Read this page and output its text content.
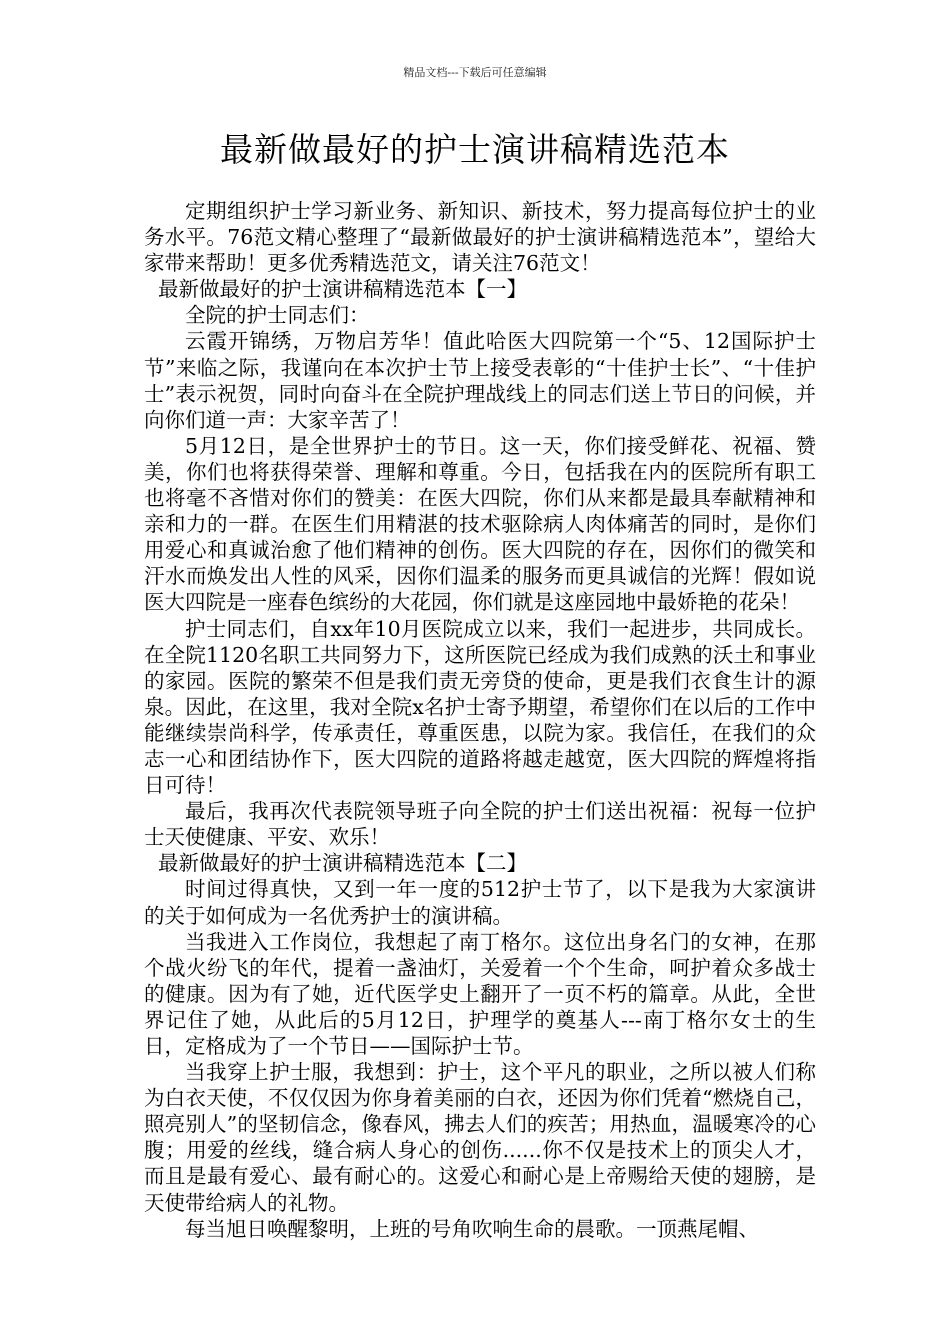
精品文档---下载后可任意编辑
最新做最好的护士演讲稿精选范本

定期组织护士学习新业务、新知识、新技术，努力提高每位护士的业务水平。76范文精心整理了“最新做最好的护士演讲稿精选范本”，望给大家带来帮助！更多优秀精选范文，请关注76范文！

最新做最好的护士演讲稿精选范本【一】

全院的护士同志们：

云霞开锦绣，万物启芳华！值此哈医大四院第一个“5、12国际护士节”来临之际，我谨向在本次护士节上接受表彰的“十佳护士长”、“十佳护士”表示祝贺，同时向奋斗在全院护理战线上的同志们送上节日的问候，并向你们道一声：大家辛苦了！

5月12日，是全世界护士的节日。这一天，你们接受鲜花、祝福、赞美，你们也将获得荣誉、理解和尊重。今日，包括我在内的医院所有职工也将毫不吝惜对你们的赞美：在医大四院，你们从来都是最具奉献精神和亲和力的一群。在医生们用精湛的技术驱除病人肉体痛苦的同时，是你们用爱心和真诚治愈了他们精神的创伤。医大四院的存在，因你们的微笑和汗水而焕发出人性的风采，因你们温柔的服务而更具诚信的光辉！假如说医大四院是一座春色缤纷的大花园，你们就是这座园地中最娇艳的花朵！

护士同志们，自xx年10月医院成立以来，我们一起进步，共同成长。在全院1120名职工共同努力下，这所医院已经成为我们成熟的沃土和事业的家园。医院的繁荣不但是我们责无旁贷的使命，更是我们衣食生计的源泉。因此，在这里，我对全院x名护士寄予期望，希望你们在以后的工作中能继续崇尚科学，传承责任，尊重医患，以院为家。我信任，在我们的众志一心和团结协作下，医大四院的道路将越走越宽，医大四院的辉煌将指日可待！

最后，我再次代表院领导班子向全院的护士们送出祝福：祝每一位护士天使健康、平安、欢乐！

最新做最好的护士演讲稿精选范本【二】

时间过得真快，又到一年一度的512护士节了，以下是我为大家演讲的关于如何成为一名优秀护士的演讲稿。

当我进入工作岗位，我想起了南丁格尔。这位出身名门的女神，在那个战火纷飞的年代，提着一盏油灯，关爱着一个个生命，呵护着众多战士的健康。因为有了她，近代医学史上翻开了一页不朽的篇章。从此，全世界记住了她，从此后的5月12日，护理学的奠基人---南丁格尔女士的生日，定格成为了一个节日——国际护士节。

当我穿上护士服，我想到：护士，这个平凡的职业，之所以被人们称为白衣天使，不仅仅因为你身着美丽的白衣，还因为你们凭着“燃烧自己，照亮别人”的坚韧信念，像春风，拂去人们的疾苦；用热血，温暖寒冷的心腹；用爱的丝线，缝合病人身心的创伤......你不仅是技术上的顶尖人才，而且是最有爱心、最有耐心的。这爱心和耐心是上帝赐给天使的翅膀，是天使带给病人的礼物。

每当旭日唤醒黎明，上班的号角吹响生命的晨歌。一顶燕尾帽、
